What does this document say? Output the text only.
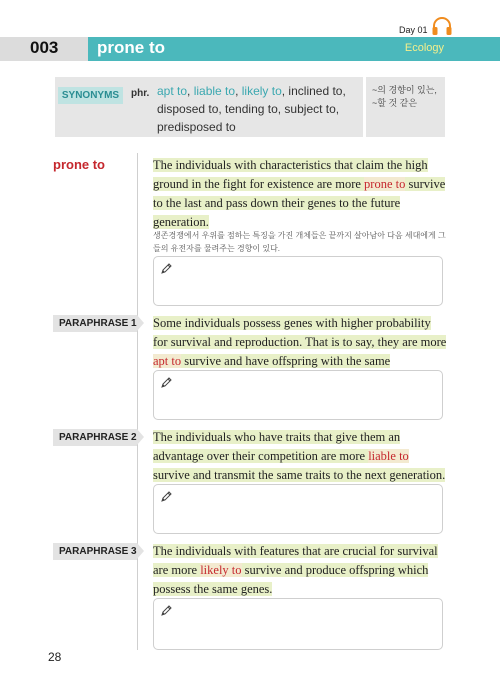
Day 01
003 prone to	Ecology
SYNONYMS	phr. apt to, liable to, likely to, inclined to,
disposed to, tending to, subject to,
predisposed to
~의 경향이 있는,
~할 것 같은
prone to	The individuals with characteristics that claim the high ground in the fight for existence are more prone to survive to the last and pass down their genes to the future generation.

생존경쟁에서 우위를 점하는 특징을 가진 개체들은 끝까지 살아남아 다음 세대에게 그들의 유전자를 물려주는 경향이 있다.

PARAPHRASE 1 Some individuals possess genes with higher probability for survival and reproduction. That is to say, they are more apt to survive and have offspring with the same

PARAPHRASE 2 The individuals who have traits that give them an advantage over their competition are more liable to survive and transmit the same traits to the next generation.

PARAPHRASE 3 The individuals with features that are crucial for survival are more likely to survive and produce offspring which possess the same genes.

28
